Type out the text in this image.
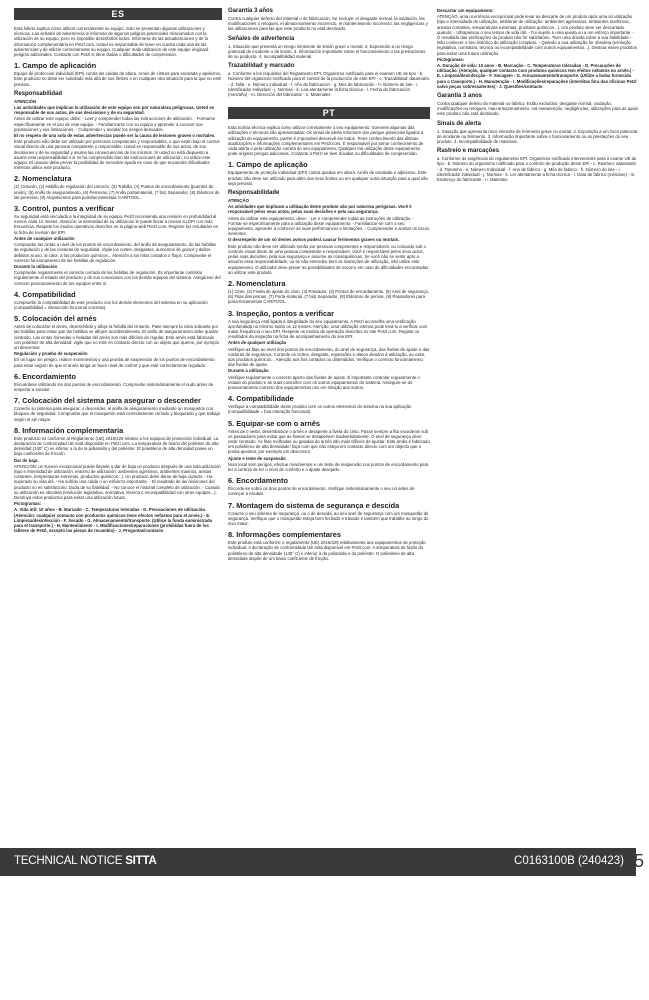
ES

Esta folleto explica cómo utilizar correctamente su equipo. Solo se presentan algunas utilizaciones y técnicas. Las señales de advertencia le informan de algunos peligros potenciales relacionados con la utilización de su equipo, pero es imposible describirlos todos. Infórmese de las actualizaciones y de la información complementaria en Petzl.com. Usted es responsable de tener en cuenta cada una de las advertencias y de utilizar correctamente su equipo. Cualquier mala utilización de este equipo originará peligros adicionales. Contacte con Petzl si tiene dudas o dificultades de comprensión.

1. Campo de aplicación

Equipo de protección individual (EPI) contra las caídas de altura. Arnés de cintura para escalada y alpinismo. Este producto no debe ser solicitado más allá de sus límites o en cualquier otra situación para la que no esté previsto.

Responsabilidad

ATENCIÓN

Las actividades que implican la utilización de este equipo son por naturaleza peligrosas. Usted es responsable de sus actos, de sus decisiones y de su seguridad.

Antes de utilizar este equipo, debe: - Leer y comprender todas las instrucciones de utilización. - Formarse específicamente en el uso de este equipo. - Familiarizarse con su equipo y aprender a conocer sus prestaciones y sus limitaciones. - Comprender y aceptar los riesgos derivados.

El no respeto de una sola de estas advertencias puede ser la causa de lesiones graves o mortales.

Este producto sólo debe ser utilizado por personas competentes y responsables, o que estén bajo el control visual directo de una persona competente y responsable. Usted es responsable de sus actos, de sus decisiones y de su seguridad y asume las consecuencias de los mismos. Si usted no está dispuesto a asumir esta responsabilidad o si no ha comprendido bien las instrucciones de utilización, no utilice este equipo. El usuario debe prever la posibilidad de necesitar ayuda en caso de que encuentre dificultades mientras utilice este producto.

2. Nomenclatura

(1) Cinturón, (2) Hebilla de regulación del cinturón, (3) Trabilla, (4) Puntos de encordamiento (puentes de unión), (5) Anillo de aseguramiento, (6) Perneras, (7) Anillo portamaterial, (7 bis) Separador, (8) Elásticos de las perneras, (9) Alojamientos para portaherramientas CARITOOL.

3. Control, puntos a verificar

Su seguridad está vinculada a la integridad de su equipo. Petzl recomienda una revisión en profundidad al menos cada 12 meses. Atención: la intensidad de su utilización le puede llevar a revisar su EPI con más frecuencia. Respete los modos operativos descritos en la página web Petzl.com. Registre los resultados en la ficha de revisión del EPI.

Antes de cualquier utilización

Compruebe las cintas a nivel de los puntos de encordamiento, del anillo de aseguramiento, de las hebillas de regulación y de las costuras de seguridad. Vigile los cortes, desgastes, aumentos de grosor y daños debidos al uso, al calor, a los productos químicos... Atención a los hilos cortados o flojos. Compruebe el correcto funcionamiento de las hebillas de regulación.

Durante la utilización

Compruebe regularmente el correcto cerrado de las hebillas de regulación. Es importante controlar regularmente el estado del producto y de sus conexiones con los demás equipos del sistema. Asegúrese del correcto posicionamiento de los equipos entre sí.

4. Compatibilidad

Compruebe la compatibilidad de este producto con los demás elementos del sistema en su aplicación (compatibilidad = interacción funcional correcta).

5. Colocación del arnés

Antes de colocarse el arnés, desenrédelo y afloje la hebilla del cinturón. Pase siempre la cinta sobrante por las trabillas para evitar que las hebillas se aflojen accidentalmente. El anillo de aseguramiento debe quedar centrado. Las cintas húmedas o heladas del arnés son más difíciles de regular. Este arnés está fabricado con poliéster de alta densidad: vigile que no esté en contacto directo con un objeto que queme, por ejemplo un descensor.

Regulación y prueba de suspensión

En un lugar sin peligro, realice movimientos y una prueba de suspensión de los puntos de encordamiento para estar seguro de que el arnés tenga un buen nivel de confort y que esté correctamente regulado.

6. Encordamiento

Encuérdese utilizando los dos puntos de encordamiento. Compruebe sistemáticamente el nudo antes de empezar a escalar.

7. Colocación del sistema para asegurar o descender

Conecte su sistema para asegurar, o descender, al anillo de aseguramiento mediante un mosquetón con bloqueo de seguridad. Compruebe que el mosquetón está correctamente cerrado y bloqueado y que trabaja según el eje mayor.

8. Información complementaria

Este producto es conforme al Reglamento (UE) 2016/425 relativo a los equipos de protección individual. La declaración de conformidad UE está disponible en Petzl.com. La temperatura de fusión del poliéster de alta densidad (140° C) es inferior a la de la poliamida y del poliéster. El polietileno de alta densidad posee un bajo coeficiente de fricción.

Dar de baja:

ATENCIÓN: un suceso excepcional puede llevarle a dar de baja un producto después de una sola utilización (tipo e intensidad de utilización, entorno de utilización: ambientes agresivos, ambientes marinos, aristas cortantes, temperaturas extremas, productos químicos...). Un producto debe darse de baja cuando: - Ha superado su vida útil. - Ha sufrido una caída o un esfuerzo importante. - El resultado de las revisiones del producto no es satisfactorio. Duda de su fiabilidad. - No conoce el historial completo de utilización. - Cuando su utilización es obsoleta (evolución legislativa, normativa, técnica o incompatibilidad con otros equipos...). Destruya estos productos para evitar una utilización futura.

Pictogramas:

A. Vida útil: 10 años - B. Marcado - C. Temperaturas toleradas - D. Precauciones de utilización. (Atención: cualquier contacto con productos químicos tiene efectos nefastos para el arnés.) - E. Limpieza/desinfección - F. Secado - G. Almacenamiento/transporte. (Utilice la funda suministrada para el transporte.) - H. Mantenimiento - I. Modificaciones/reparaciones (prohibidas fuera de los talleres de Petzl, excepto las piezas de recambio) - J. Preguntas/contacto

Garantía 3 años

Contra cualquier defecto del material o de fabricación. Se excluye: el desgaste normal, la oxidación, las modificaciones o retoques, el almacenamiento incorrecto, el mantenimiento incorrecto, las negligencias y las utilizaciones para las que este producto no está destinado.

Señales de advertencia

1. Situación que presenta un riesgo inminente de lesión grave o mortal. 2. Exposición a un riesgo potencial de incidente o de lesión. 3. Información importante sobre el funcionamiento o las prestaciones de su producto. 4. Incompatibilidad material.

Trazabilidad y marcado

a. Conforme a los requisitos del Reglamento EPI. Organismo notificado para el examen UE de tipo - b. Número del organismo notificado para el control de la producción de este EPI - c. Trazabilidad: datamatrix - d. Talla - e. Número individual - f. Año de fabricación - g. Mes de fabricación - h. Número de lote - i. Identificador individual - j. Normas - k. Lea atentamente la ficha técnica - l. Fecha de fabricación (mes/año) - m. Dirección del fabricante - n. Materiales

PT

Esta notícia técnica explica como utilizar corretamente o seu equipamento. Somente algumas das utilizações e técnicas são apresentadas. Os sinais de alerta informam dos perigos potenciais ligados à utilização do equipamento, porém é impossível descrevê-los todos. Tome conhecimento das últimas atualizações e informações complementares em Petzl.com. É responsável por tomar conhecimento de cada alerta e pela utilização correta do seu equipamento. Qualquer má utilização deste equipamento pode originar perigos adicionais. Contacte a Petzl se tiver dúvidas ou dificuldades de compreensão.

1. Campo de aplicação

Equipamento de proteção individual (EPI) contra quedas em altura. Arnês de escalada e alpinismo. Este produto não deve ser utilizado para além dos seus limites ou em qualquer outra situação para a qual não seja previsto.

Responsabilidade

ATENÇÃO

As atividades que implicam a utilização deste produto são por natureza perigosas. Você é responsável pelos seus actos, pelas suas decisões e pela sua segurança.

Antes de utilizar este equipamento, deve: - Ler e compreender todas as instruções de utilização. - Formar-se especificamente para a utilização deste equipamento. - Familiarizar-se com o seu equipamento, aprender a conhecer as suas performances e limitações. - Compreender e aceitar os riscos inerentes.

O desrespeito de um só destes avisos poderá causar ferimentos graves ou mortais.

Este produto não deve ser utilizado senão por pessoas competentes e responsáveis, ou colocado sob o controlo visual direto de uma pessoa competente e responsável. Você é responsável pelos seus actos, pelas suas decisões, pela sua segurança e assume as consequências. Se você não se sentir apto a assumir essa responsabilidade, ou se não entendeu bem as instruções de utilização, não utilize este equipamento. O utilizador deve prever as possibilidades de socorro em caso de dificuldades encontradas ao utilizar este produto.

2. Nomenclatura

(1) Cinto, (2) Fivela de ajuste do cinto, (3) Passador, (4) Pontos de encordamento, (5) Anel de segurança, (6) Fitas das pernas, (7) Porta-material, (7 bis) Separador, (8) Elásticos de pernas, (9) Passadores para porta-ferramentas CARITOOL.

3. Inspeção, pontos a verificar

A sua segurança está ligada à integridade do seu equipamento. A Petzl aconselha uma verificação aprofundada no mínimo todos os 12 meses. Atenção, uma utilização intensa pode levá-lo a verificar com maior frequência o seu EPI. Respeite os modos de operação descritos no site Petzl.com. Registe os resultados da inspeção na ficha de acompanhamento do seu EPI.

Antes de qualquer utilização

Verifique as fitas ao nível dos pontos de encordamento, do anel de segurança, das fivelas de ajuste e das costuras de segurança. Controle os cortes, desgaste, espessões e danos devidos à utilização, ao calor, aos produtos químicos... Atenção aos fios cortados ou distendidos. Verifique o correcto funcionamento das fivelas de ajuste.

Durante a utilização

Verifique regularmente o correcto aperto das fivelas de ajuste. É importante controlar regularmente o estado do produto e as suas conexões com os outros equipamentos do sistema. Assegure-se do posicionamento correcto dos equipamentos uns em relação aos outros.

4. Compatibilidade

Verifique a compatibilidade deste produto com os outros elementos do sistema na sua aplicação (compatibilidade = boa interação funcional).

5. Equipar-se com o arnês

Antes de o vestir, desembarace o arnês e desaperte a fivela do cinto. Passe sempre a fita excedente sob os passadores para evitar que as fivelas se desapertem inadvertidamente. O anel de segurança deve estar centrado. As fitas molhadas ou geladas do arnês são mais difíceis de ajustar. Este arnês é fabricado em polietileno de alta densidade: faça com que não esteja em contacto directo com um objecto que o possa queimar, por exemplo um descensor.

Ajuste e teste de suspensão

Num local sem perigos, efectue movimentos e um teste de suspensão nos pontos de encordamento para ter a certeza de ter o nível de conforto e o ajuste desejado.

6. Encordamento

Encorde-se sobre os dois pontos de encordamento. Verifique sistematicamente o seu nó antes de começar a escalar.

7. Montagem do sistema de segurança e descida

Conecte o seu sistema de segurança, ou o de descida, ao seu anel de segurança com um mosquetão de segurança. Verifique que o mosquetão esteja bem fechado e travado e também que trabalhe ao longo do eixo maior.

8. Informações complementares

Este produto está conforme o regulamento (UE) 2016/425 relativamente aos equipamentos de proteção individual. A declaração de conformidade UE está disponível em Petzl.com. A temperatura de fusão do polietileno de alta densidade (140° C) é inferior à da poliamida e do poliéster. O polietileno de alta densidade dispõe de um baixo coeficiente de fricção.

Descartar um equipamento:

ATENÇÃO, uma ocorrência excepcional pode levar ao descarte de um produto após uma só utilização (tipo e intensidade de utilização, ambiente de utilização: ambientes agressivos, ambientes marítimos, arestas cortantes, temperaturas extremas, produtos químicos...). Um produto deve ser descartado quando: - Ultrapassou o seu tempo de vida útil. - Foi sujeito a uma queda ou a um esforço importante. - O resultado das verificações do produto não for satisfatório. Tiver uma dúvida sobre a sua fiabilidade. - Não conhecer o seu histórico de utilização completo. - Quando a sua utilização for obsoleta (evolução legislativa, normativa, técnica ou incompatibilidade com outros equipamentos...). Destrua esses produtos para evitar uma futura utilização.

Pictogramas:

A. Duração de vida: 10 anos - B. Marcação - C. Temperaturas toleradas - D. Precauções de utilização. (Atenção, qualquer contacto com produtos químicos tem efeitos nefastos no arnês.) - E. Limpeza/desinfecção - F. Secagem - G. Armazenamento/transporte. (Utilize a bolsa fornecida para o transporte.) - H. Manutenção - I. Modificações/reparações (interditas fora das oficinas Petzl salvo peças sobressalentes) - J. Questões/contacto

Garantia 3 anos

Contra qualquer defeito do material ou fabrico. Estão excluídos: desgaste normal, oxidação, modificações ou retoques, mau armazenamento, má manutenção, negligências, utilizações para as quais este produto não está destinado.

Sinais de alerta

1. Situação que apresenta risco iminente de ferimento grave ou mortal. 2. Exposição a um risco potencial de incidente ou ferimento. 3. Informação importante sobre o funcionamento ou as prestações do seu produto. 4. Incompatibilidade de materiais.

Rastreio e marcações

a. Conforme às exigências do regulamento EPI. Organismo notificado interveniente para o exame UE de tipo - b. Número do organismo notificado para o controlo de produção deste EPI - c. Rastreio: datamatrix - d. Tamanho - e. Número Individual - f. Ano de fabrico - g. Mês de fabrico - h. Número do lote - i. Identificador individual - j. Normas - k. Ler atentamente a ficha técnica - l. Data de fabrico (mês/ano) - m. Endereço do fabricante - n. Materiais

TECHNICAL NOTICE SITTA	C0163100B (240423) 5
